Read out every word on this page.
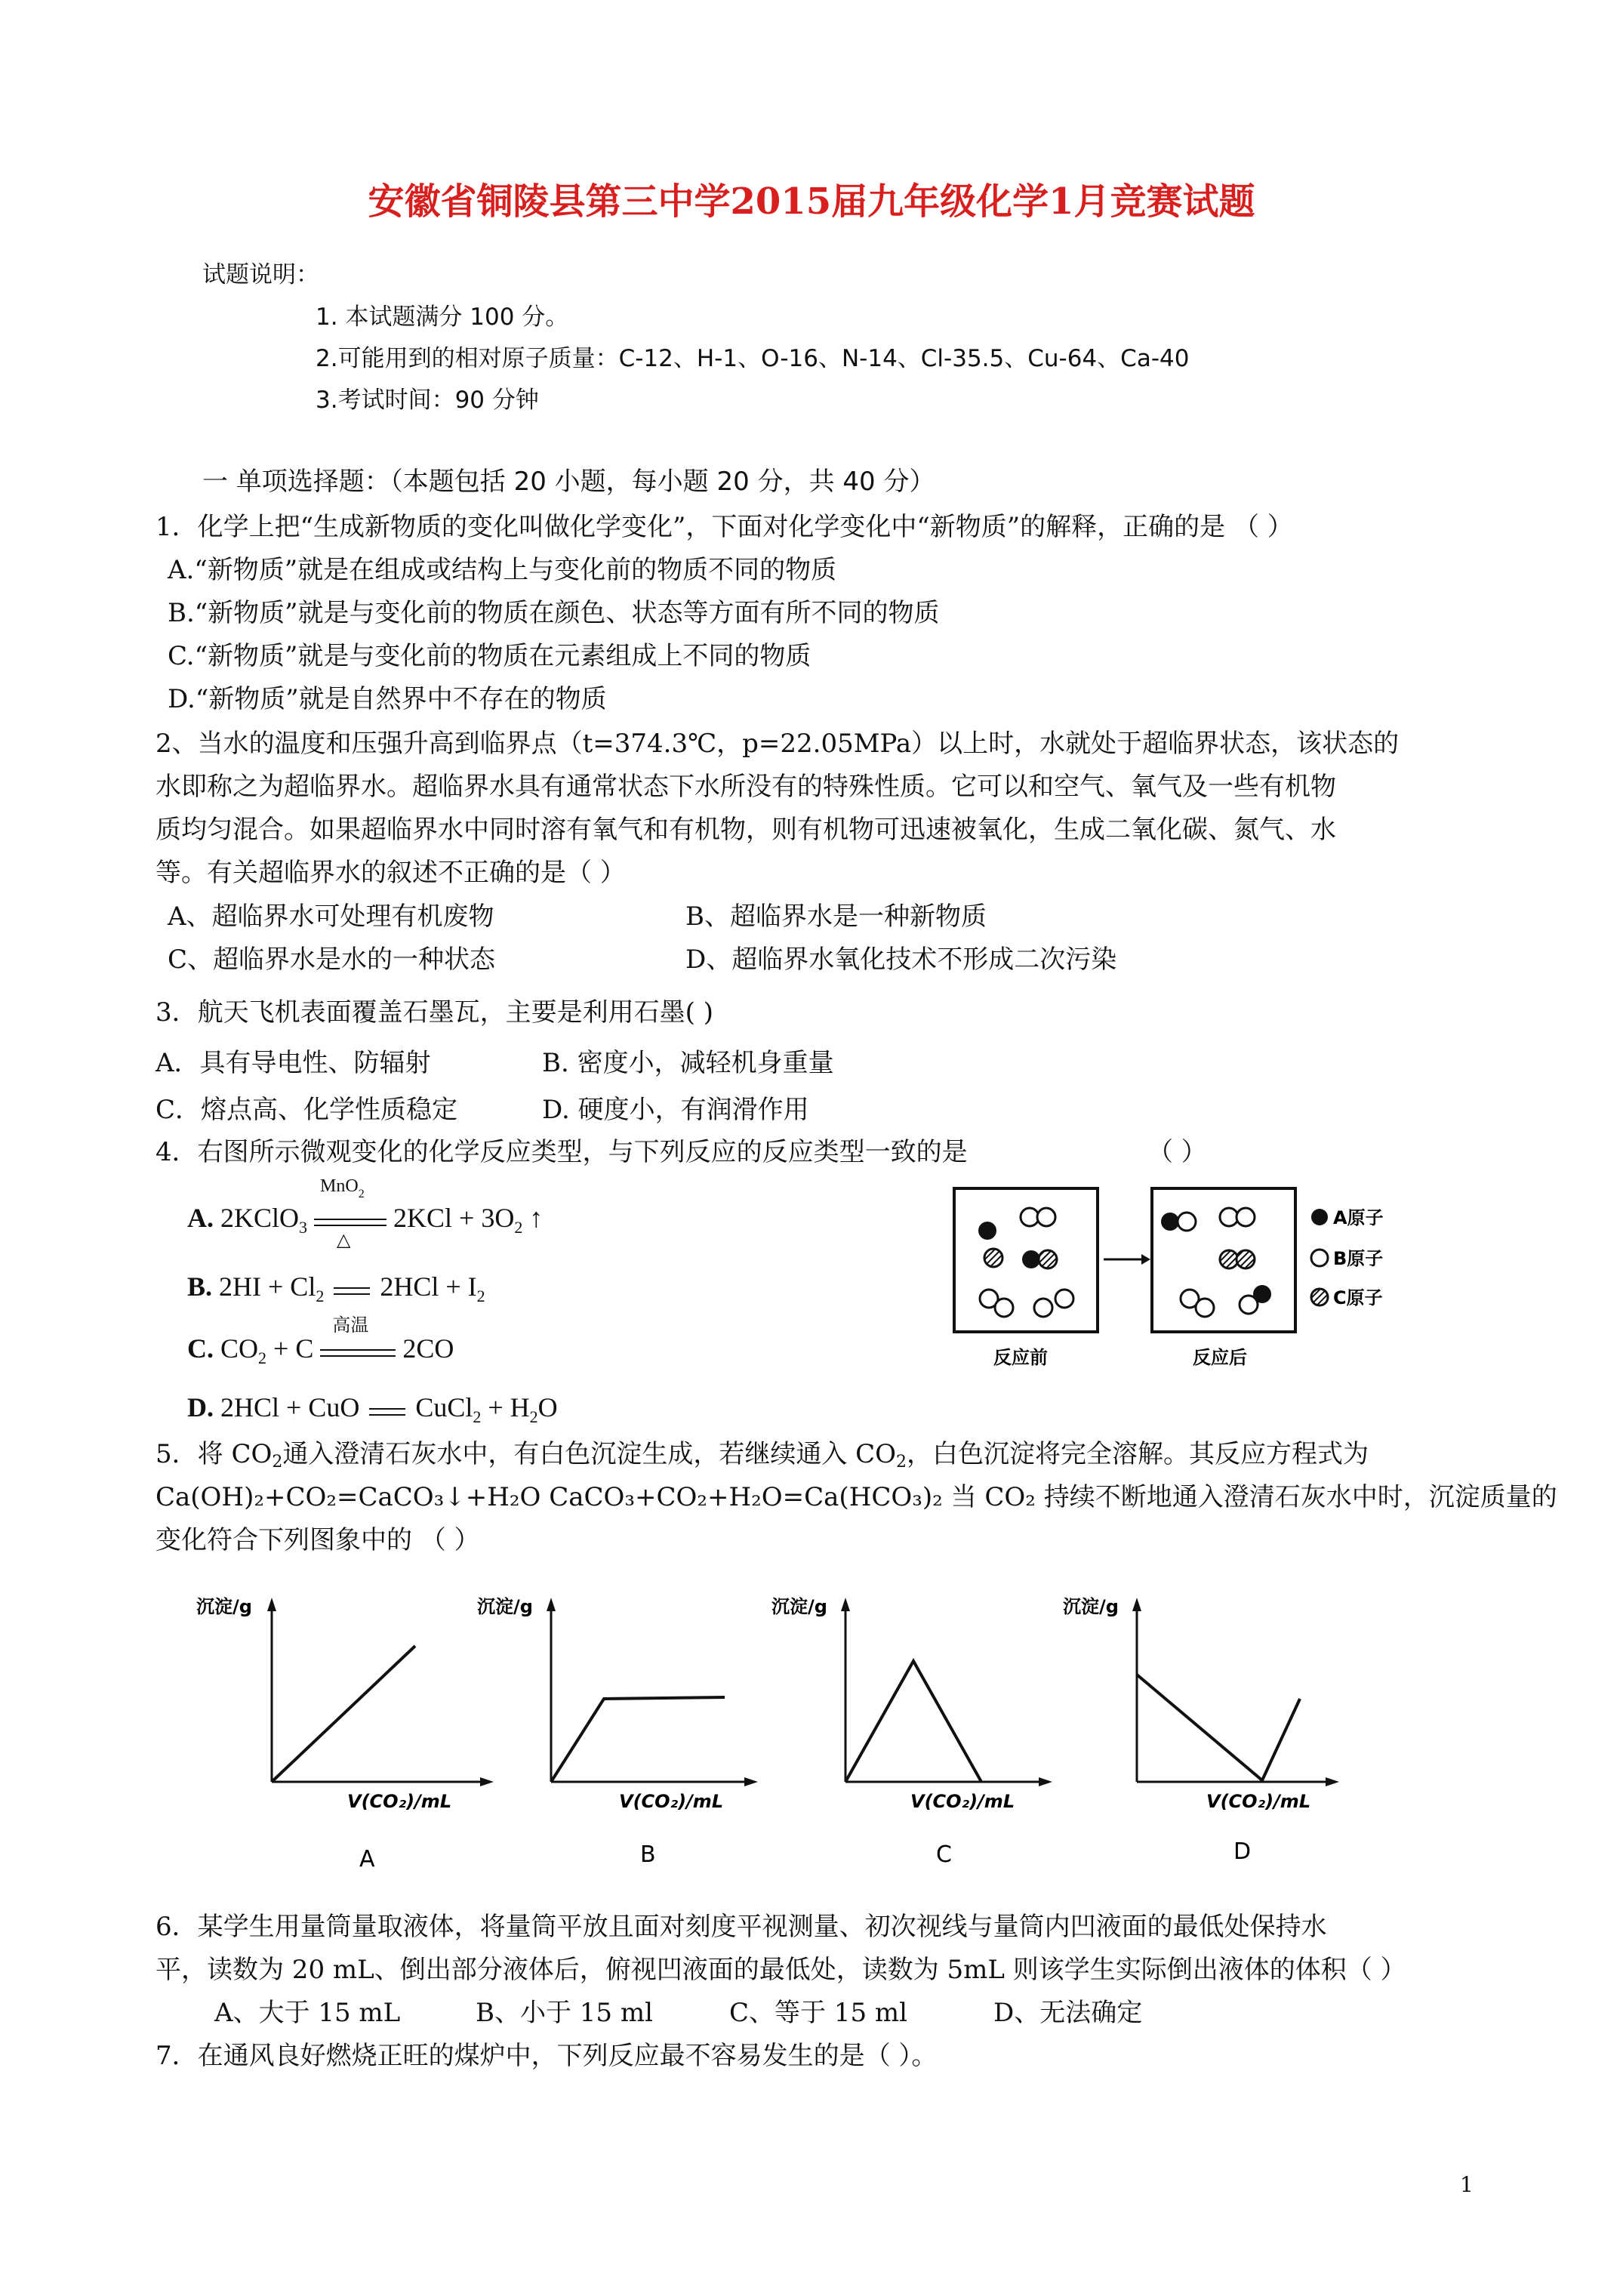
安徽省铜陵县第三中学2015届九年级化学1月竞赛试题
试题说明：
1. 本试题满分 100 分。
2.可能用到的相对原子质量：C-12、H-1、O-16、N-14、Cl-35.5、Cu-64、Ca-40
3.考试时间：90 分钟
一 单项选择题：（本题包括 20 小题，每小题 20 分，共 40 分）
1．化学上把“生成新物质的变化叫做化学变化”，下面对化学变化中“新物质”的解释，正确的是 （ ）
A.“新物质”就是在组成或结构上与变化前的物质不同的物质
B.“新物质”就是与变化前的物质在颜色、状态等方面有所不同的物质
C.“新物质”就是与变化前的物质在元素组成上不同的物质
D.“新物质”就是自然界中不存在的物质
2、当水的温度和压强升高到临界点（t=374.3℃，p=22.05MPa）以上时，水就处于超临界状态，该状态的
水即称之为超临界水。超临界水具有通常状态下水所没有的特殊性质。它可以和空气、氧气及一些有机物
质均匀混合。如果超临界水中同时溶有氧气和有机物，则有机物可迅速被氧化，生成二氧化碳、氮气、水
等。有关超临界水的叙述不正确的是（ ）
A、超临界水可处理有机废物	B、超临界水是一种新物质
C、超临界水是水的一种状态	D、超临界水氧化技术不形成二次污染
3．航天飞机表面覆盖石墨瓦，主要是利用石墨( )
A．具有导电性、防辐射	B. 密度小，减轻机身重量
C．熔点高、化学性质稳定	D. 硬度小，有润滑作用
4．右图所示微观变化的化学反应类型，与下列反应的反应类型一致的是	（ ）
A. 2KClO$_3$
MnO$_2$
△
$2KCl + 3O_2$ ↑
B. $2HI + Cl_2$ $2HCl + I_2$
C. $CO_2 + C$
高温
2CO
D. 2HCl + CuO CuCl$_2$ + $H_2O$
A原子
B原子
C原子
反应前	反应后
5．将 CO2通入澄清石灰水中，有白色沉淀生成，若继续通入 CO2，白色沉淀将完全溶解。其反应方程式为
Ca(OH)₂+CO₂=CaCO₃↓+H₂O CaCO₃+CO₂+H₂O=Ca(HCO₃)₂ 当 CO₂ 持续不断地通入澄清石灰水中时，沉淀质量的
变化符合下列图象中的 （ ）
沉淀/g
V(CO₂)/mL
A
沉淀/g
V(CO₂)/mL
B
沉淀/g
V(CO₂)/mL
C
沉淀/g
V(CO₂)/mL
D
6．某学生用量筒量取液体，将量筒平放且面对刻度平视测量、初次视线与量筒内凹液面的最低处保持水
平，读数为 20 mL、倒出部分液体后，俯视凹液面的最低处，读数为 5mL 则该学生实际倒出液体的体积（ ）
A、大于 15 mL	B、小于 15 ml	C、等于 15 ml	D、无法确定
7．在通风良好燃烧正旺的煤炉中，下列反应最不容易发生的是（ ）。
1
